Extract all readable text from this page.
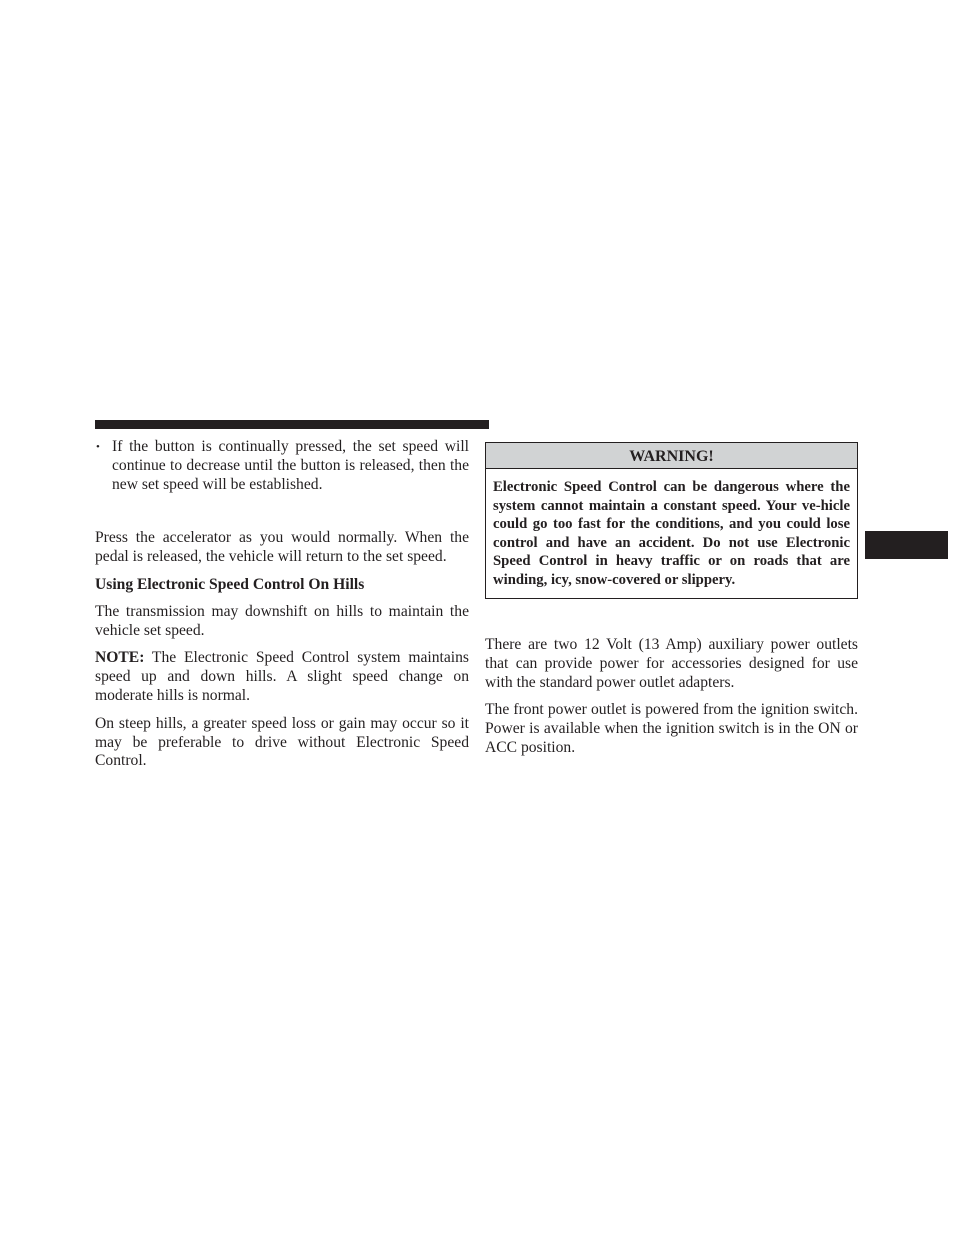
• If the button is continually pressed, the set speed will continue to decrease until the button is released, then the new set speed will be established.

Press the accelerator as you would normally. When the pedal is released, the vehicle will return to the set speed.

Using Electronic Speed Control On Hills

The transmission may downshift on hills to maintain the vehicle set speed.

NOTE: The Electronic Speed Control system maintains speed up and down hills. A slight speed change on moderate hills is normal.

On steep hills, a greater speed loss or gain may occur so it may be preferable to drive without Electronic Speed Control.

WARNING!
Electronic Speed Control can be dangerous where the system cannot maintain a constant speed. Your ve-hicle could go too fast for the conditions, and you could lose control and have an accident. Do not use Electronic Speed Control in heavy traffic or on roads that are winding, icy, snow-covered or slippery.

There are two 12 Volt (13 Amp) auxiliary power outlets that can provide power for accessories designed for use with the standard power outlet adapters.

The front power outlet is powered from the ignition switch. Power is available when the ignition switch is in the ON or ACC position.
